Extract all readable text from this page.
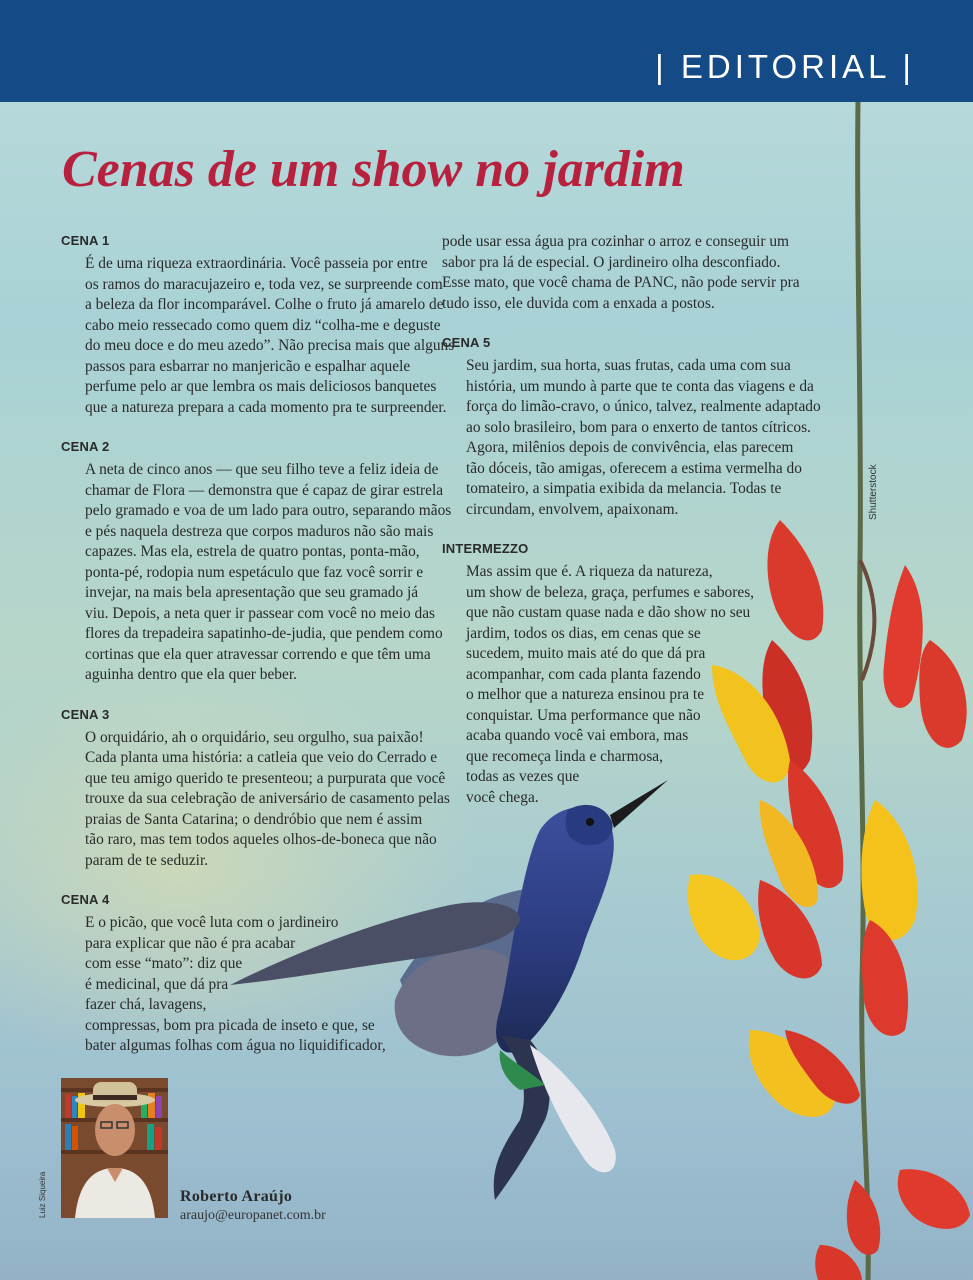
| EDITORIAL |
Cenas de um show no jardim
CENA 1

É de uma riqueza extraordinária. Você passeia por entre
os ramos do maracujazeiro e, toda vez, se surpreende com
a beleza da flor incomparável. Colhe o fruto já amarelo de
cabo meio ressecado como quem diz “colha-me e deguste
do meu doce e do meu azedo”. Não precisa mais que alguns
passos para esbarrar no manjericão e espalhar aquele
perfume pelo ar que lembra os mais deliciosos banquetes
que a natureza prepara a cada momento pra te surpreender.

CENA 2

A neta de cinco anos — que seu filho teve a feliz ideia de
chamar de Flora — demonstra que é capaz de girar estrela
pelo gramado e voa de um lado para outro, separando mãos
e pés naquela destreza que corpos maduros não são mais
capazes. Mas ela, estrela de quatro pontas, ponta-mão,
ponta-pé, rodopia num espetáculo que faz você sorrir e
invejar, na mais bela apresentação que seu gramado já
viu. Depois, a neta quer ir passear com você no meio das
flores da trepadeira sapatinho-de-judia, que pendem como
cortinas que ela quer atravessar correndo e que têm uma
aguinha dentro que ela quer beber.

CENA 3

O orquidário, ah o orquidário, seu orgulho, sua paixão!
Cada planta uma história: a catleia que veio do Cerrado e
que teu amigo querido te presenteou; a purpurata que você
trouxe da sua celebração de aniversário de casamento pelas
praias de Santa Catarina; o dendróbio que nem é assim
tão raro, mas tem todos aqueles olhos-de-boneca que não
param de te seduzir.

CENA 4

E o picão, que você luta com o jardineiro
para explicar que não é pra acabar
com esse “mato”: diz que
é medicinal, que dá pra
fazer chá, lavagens,
compressas, bom pra picada de inseto e que, se
bater algumas folhas com água no liquidificador,

pode usar essa água pra cozinhar o arroz e conseguir um
sabor pra lá de especial. O jardineiro olha desconfiado.
Esse mato, que você chama de PANC, não pode servir pra
tudo isso, ele duvida com a enxada a postos.

CENA 5

Seu jardim, sua horta, suas frutas, cada uma com sua
história, um mundo à parte que te conta das viagens e da
força do limão-cravo, o único, talvez, realmente adaptado
ao solo brasileiro, bom para o enxerto de tantos cítricos.
Agora, milênios depois de convivência, elas parecem
tão dóceis, tão amigas, oferecem a estima vermelha do
tomateiro, a simpatia exibida da melancia. Todas te
circundam, envolvem, apaixonam.

INTERMEZZO

Mas assim que é. A riqueza da natureza,
um show de beleza, graça, perfumes e sabores,
que não custam quase nada e dão show no seu
jardim, todos os dias, em cenas que se
sucedem, muito mais até do que dá pra
acompanhar, com cada planta fazendo
o melhor que a natureza ensinou pra te
conquistar. Uma performance que não
acaba quando você vai embora, mas
que recomeça linda e charmosa,
todas as vezes que
você chega.

Shutterstock
Luiz Siqueira	Roberto Araújo
araujo@europanet.com.br
